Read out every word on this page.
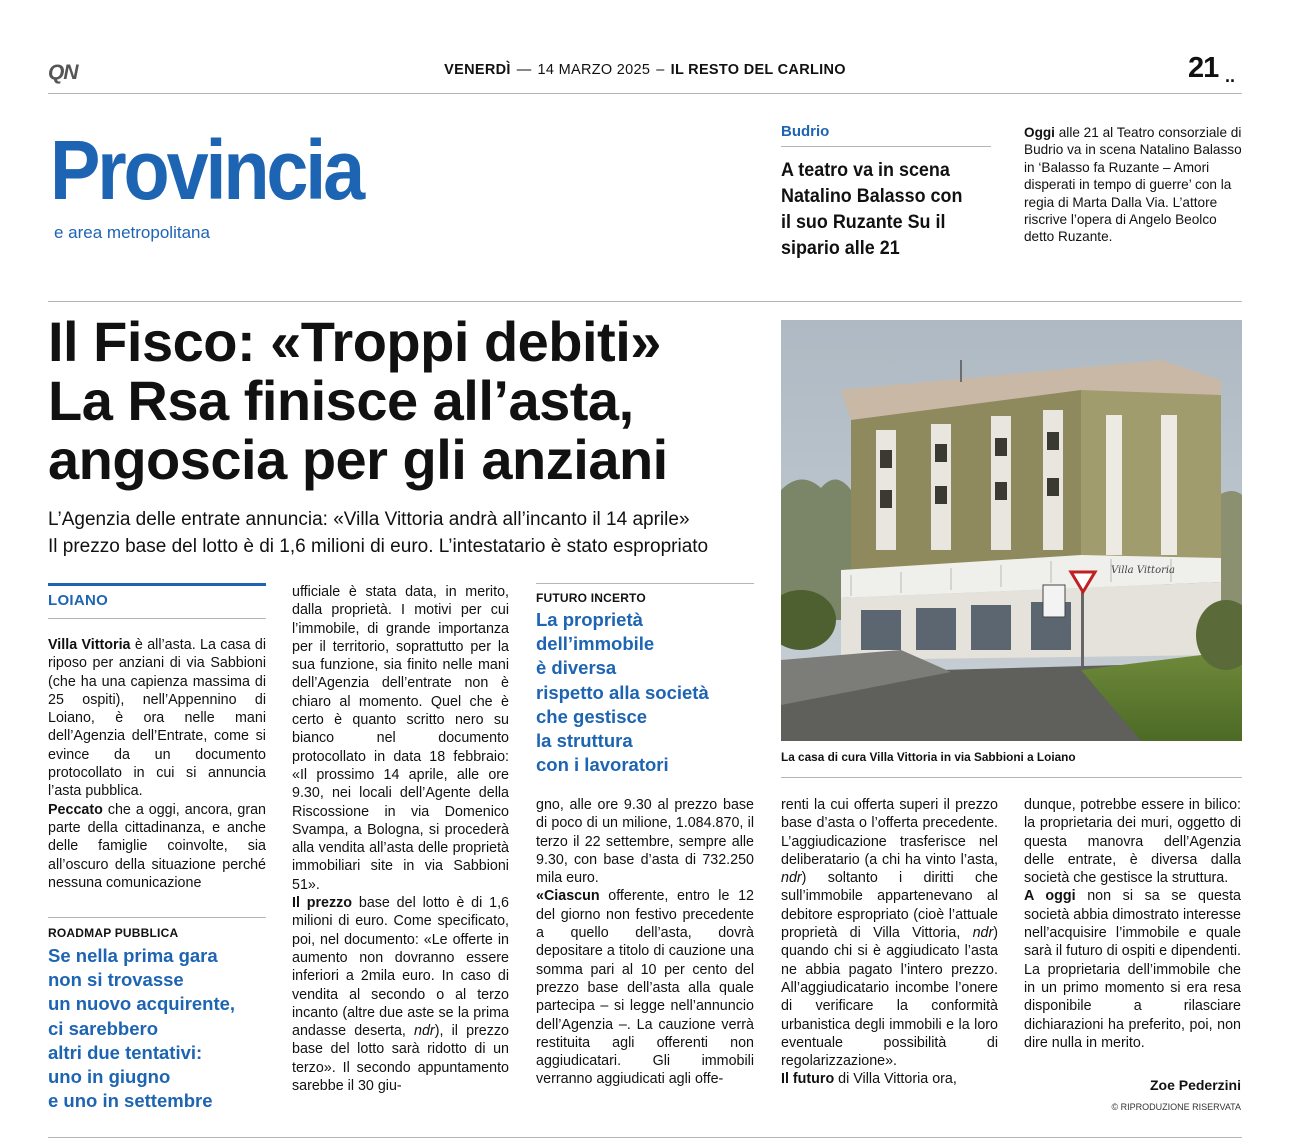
QN	VENERDÌ — 14 MARZO 2025 – IL RESTO DEL CARLINO	21 ..
Provincia
e area metropolitana
Budrio
A teatro va in scena Natalino Balasso con il suo Ruzante Su il sipario alle 21
Oggi alle 21 al Teatro consorziale di Budrio va in scena Natalino Balasso in ‘Balasso fa Ruzante – Amori disperati in tempo di guerre’ con la regia di Marta Dalla Via. L’attore riscrive l’opera di Angelo Beolco detto Ruzante.
Il Fisco: «Troppi debiti»
La Rsa finisce all’asta,
angoscia per gli anziani
L’Agenzia delle entrate annuncia: «Villa Vittoria andrà all’incanto il 14 aprile»
Il prezzo base del lotto è di 1,6 milioni di euro. L’intestatario è stato espropriato
Villa Vittoria
La casa di cura Villa Vittoria in via Sabbioni a Loiano
LOIANO

Villa Vittoria è all’asta. La casa di riposo per anziani di via Sabbioni (che ha una capienza massima di 25 ospiti), nell’Appennino di Loiano, è ora nelle mani dell’Agenzia dell’Entrate, come si evince da un documento protocollato in cui si annuncia l’asta pubblica.

Peccato che a oggi, ancora, gran parte della cittadinanza, e anche delle famiglie coinvolte, sia all’oscuro della situazione perché nessuna comunicazione

ROADMAP PUBBLICA
Se nella prima gara
non si trovasse
un nuovo acquirente,
ci sarebbero
altri due tentativi:
uno in giugno
e uno in settembre

ufficiale è stata data, in merito, dalla proprietà. I motivi per cui l’immobile, di grande importanza per il territorio, soprattutto per la sua funzione, sia finito nelle mani dell’Agenzia dell’entrate non è chiaro al momento. Quel che è certo è quanto scritto nero su bianco nel documento protocollato in data 18 febbraio: «Il prossimo 14 aprile, alle ore 9.30, nei locali dell’Agente della Riscossione in via Domenico Svampa, a Bologna, si procederà alla vendita all’asta delle proprietà immobiliari site in via Sabbioni 51».

Il prezzo base del lotto è di 1,6 milioni di euro. Come specificato, poi, nel documento: «Le offerte in aumento non dovranno essere inferiori a 2mila euro. In caso di vendita al secondo o al terzo incanto (altre due aste se la prima andasse deserta, ndr), il prezzo base del lotto sarà ridotto di un terzo». Il secondo appuntamento sarebbe il 30 giu-

FUTURO INCERTO
La proprietà
dell’immobile
è diversa
rispetto alla società
che gestisce
la struttura
con i lavoratori

gno, alle ore 9.30 al prezzo base di poco di un milione, 1.084.870, il terzo il 22 settembre, sempre alle 9.30, con base d’asta di 732.250 mila euro.

«Ciascun offerente, entro le 12 del giorno non festivo precedente a quello dell’asta, dovrà depositare a titolo di cauzione una somma pari al 10 per cento del prezzo base dell’asta alla quale partecipa – si legge nell’annuncio dell’Agenzia –. La cauzione verrà restituita agli offerenti non aggiudicatari. Gli immobili verranno aggiudicati agli offe-

renti la cui offerta superi il prezzo base d’asta o l’offerta precedente. L’aggiudicazione trasferisce nel deliberatario (a chi ha vinto l’asta, ndr) soltanto i diritti che sull’immobile appartenevano al debitore espropriato (cioè l’attuale proprietà di Villa Vittoria, ndr) quando chi si è aggiudicato l’asta ne abbia pagato l’intero prezzo. All’aggiudicatario incombe l’onere di verificare la conformità urbanistica degli immobili e la loro eventuale possibilità di regolarizzazione».

Il futuro di Villa Vittoria ora,

dunque, potrebbe essere in bilico: la proprietaria dei muri, oggetto di questa manovra dell’Agenzia delle entrate, è diversa dalla società che gestisce la struttura.

A oggi non si sa se questa società abbia dimostrato interesse nell’acquisire l’immobile e quale sarà il futuro di ospiti e dipendenti. La proprietaria dell’immobile che in un primo momento si era resa disponibile a rilasciare dichiarazioni ha preferito, poi, non dire nulla in merito.

Zoe Pederzini
© RIPRODUZIONE RISERVATA
